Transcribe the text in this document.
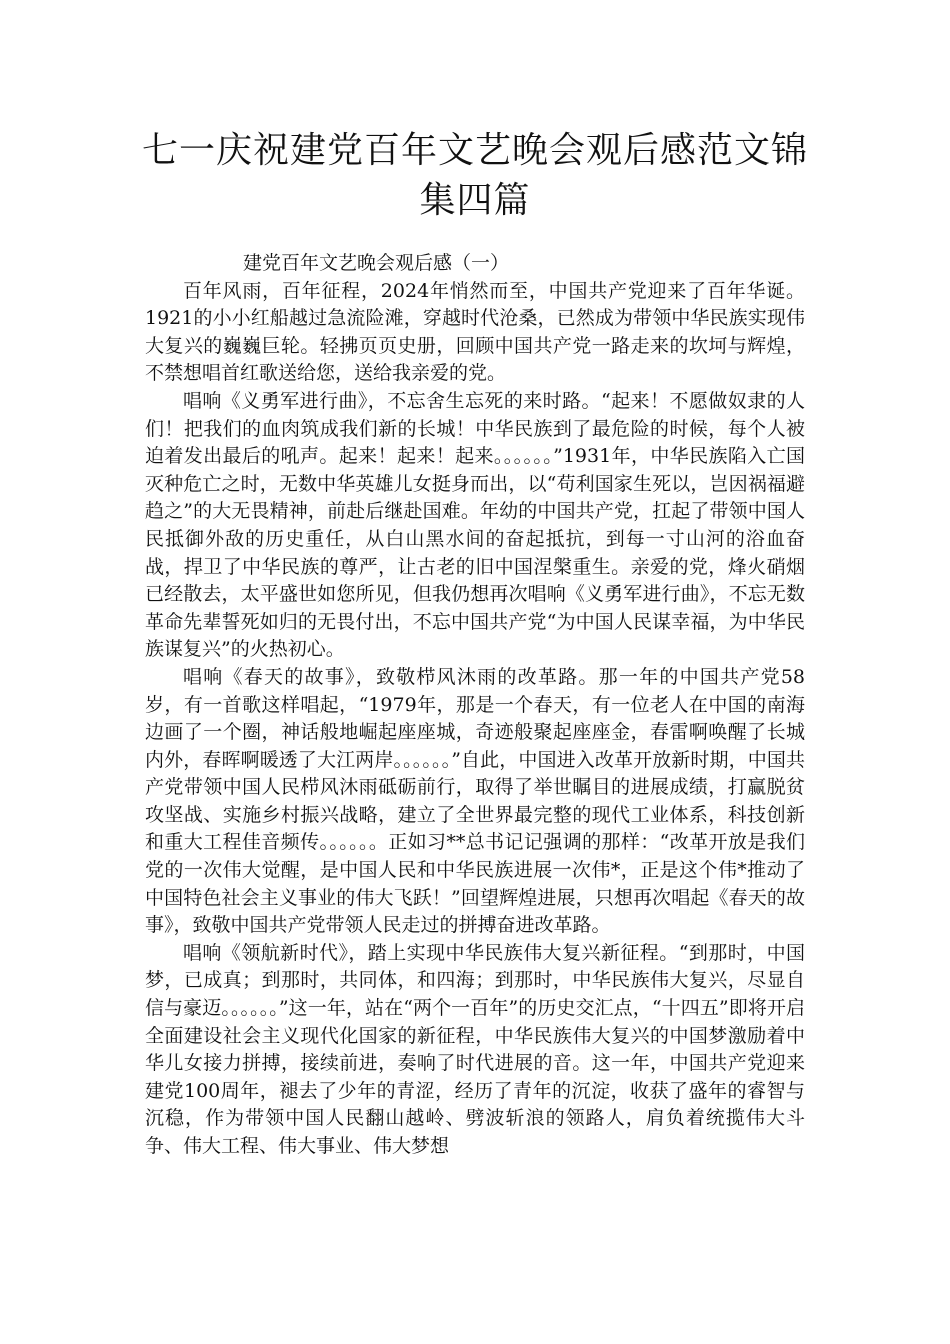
七一庆祝建党百年文艺晚会观后感范文锦集四篇

建党百年文艺晚会观后感（一）

百年风雨，百年征程，2024年悄然而至，中国共产党迎来了百年华诞。1921的小小红船越过急流险滩，穿越时代沧桑，已然成为带领中华民族实现伟大复兴的巍巍巨轮。轻拂页页史册，回顾中国共产党一路走来的坎坷与辉煌，不禁想唱首红歌送给您，送给我亲爱的党。

唱响《义勇军进行曲》，不忘舍生忘死的来时路。“起来！不愿做奴隶的人们！把我们的血肉筑成我们新的长城！中华民族到了最危险的时候，每个人被迫着发出最后的吼声。起来！起来！起来。。。。。。”1931年，中华民族陷入亡国灭种危亡之时，无数中华英雄儿女挺身而出，以“苟利国家生死以，岂因祸福避趋之”的大无畏精神，前赴后继赴国难。年幼的中国共产党，扛起了带领中国人民抵御外敌的历史重任，从白山黑水间的奋起抵抗，到每一寸山河的浴血奋战，捍卫了中华民族的尊严，让古老的旧中国涅槃重生。亲爱的党，烽火硝烟已经散去，太平盛世如您所见，但我仍想再次唱响《义勇军进行曲》，不忘无数革命先辈誓死如归的无畏付出，不忘中国共产党“为中国人民谋幸福，为中华民族谋复兴”的火热初心。

唱响《春天的故事》，致敬栉风沐雨的改革路。那一年的中国共产党58岁，有一首歌这样唱起，“1979年，那是一个春天，有一位老人在中国的南海边画了一个圈，神话般地崛起座座城，奇迹般聚起座座金，春雷啊唤醒了长城内外，春晖啊暖透了大江两岸。。。。。。”自此，中国进入改革开放新时期，中国共产党带领中国人民栉风沐雨砥砺前行，取得了举世瞩目的进展成绩，打赢脱贫攻坚战、实施乡村振兴战略，建立了全世界最完整的现代工业体系，科技创新和重大工程佳音频传。。。。。。正如习**总书记记强调的那样：“改革开放是我们党的一次伟大觉醒，是中国人民和中华民族进展一次伟*，正是这个伟*推动了中国特色社会主义事业的伟大飞跃！”回望辉煌进展，只想再次唱起《春天的故事》，致敬中国共产党带领人民走过的拼搏奋进改革路。

唱响《领航新时代》，踏上实现中华民族伟大复兴新征程。“到那时，中国梦，已成真；到那时，共同体，和四海；到那时，中华民族伟大复兴，尽显自信与豪迈。。。。。。”这一年，站在“两个一百年”的历史交汇点，“十四五”即将开启全面建设社会主义现代化国家的新征程，中华民族伟大复兴的中国梦激励着中华儿女接力拼搏，接续前进，奏响了时代进展的音。这一年，中国共产党迎来建党100周年，褪去了少年的青涩，经历了青年的沉淀，收获了盛年的睿智与沉稳，作为带领中国人民翻山越岭、劈波斩浪的领路人，肩负着统揽伟大斗争、伟大工程、伟大事业、伟大梦想
